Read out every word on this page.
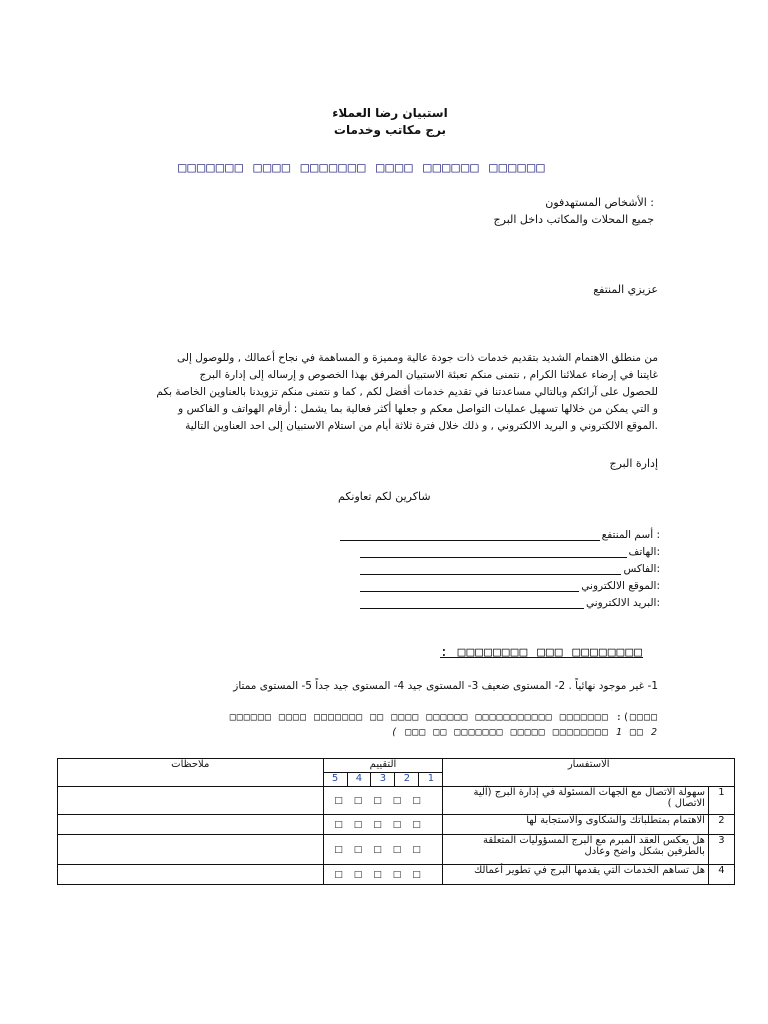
استبيان رضا العملاء
برج مكاتب وخدمات
□□□□□□□ □□□□ □□□□□□□ □□□□ □□□□□□ □□□□□□
: الأشخاص المستهدفون
جميع المحلات والمكاتب داخل البرج
عزيزي المنتفع
من منطلق الاهتمام الشديد بتقديم خدمات ذات جودة عالية ومميزة و المساهمة في نجاح أعمالك , وللوصول إلى
غايتنا في إرضاء عملائنا الكرام , نتمنى منكم تعبئة الاستبيان المرفق بهذا الخصوص و إرساله إلى إدارة البرج
للحصول على آرائكم وبالتالي مساعدتنا في تقديم خدمات أفضل لكم , كما و نتمنى منكم تزويدنا بالعناوين الخاصة بكم
و التي يمكن من خلالها تسهيل عمليات التواصل معكم و جعلها أكثر فعالية بما يشمل : أرقام الهواتف و الفاكس و
.الموقع الالكتروني و البريد الالكتروني , و ذلك خلال فترة ثلاثة أيام من استلام الاستبيان إلى احد العناوين التالية
إدارة البرج
شاكرين لكم تعاونكم
: أسم المنتفع
:الهاتف
:الفاكس
:الموقع الالكتروني
:البريد الالكتروني
: □□□□□□□□ □□□ □□□□□□□□
1- غير موجود نهائياً . 2- المستوى ضعيف 3- المستوى جيد 4- المستوى جيد جداً 5- المستوى ممتاز
□□□□□□ □□□□ □□□□□□□ □□ □□□□ □□□□□□ □□□□□□□□□□□ □□□□□□□ :(□□□□
( □□□ □□ □□□□□□□ □□□□□ □□□□□□□□ 1 □□ 2
ملاحظات	التقييم					الاستفسار	
	5	4	3	2	1		
	□□□□□					سهولة الاتصال مع الجهات المسئولة في إدارة البرج (آلية الاتصال )	1
	□□□□□					الاهتمام بمتطلباتك والشكاوى والاستجابة لها	2
	□□□□□					هل يعكس العقد المبرم مع البرج المسؤوليات المتعلقة بالطرفين بشكل واضح وعادل	3
	□□□□□					هل تساهم الخدمات التي يقدمها البرج في تطوير أعمالك	4
